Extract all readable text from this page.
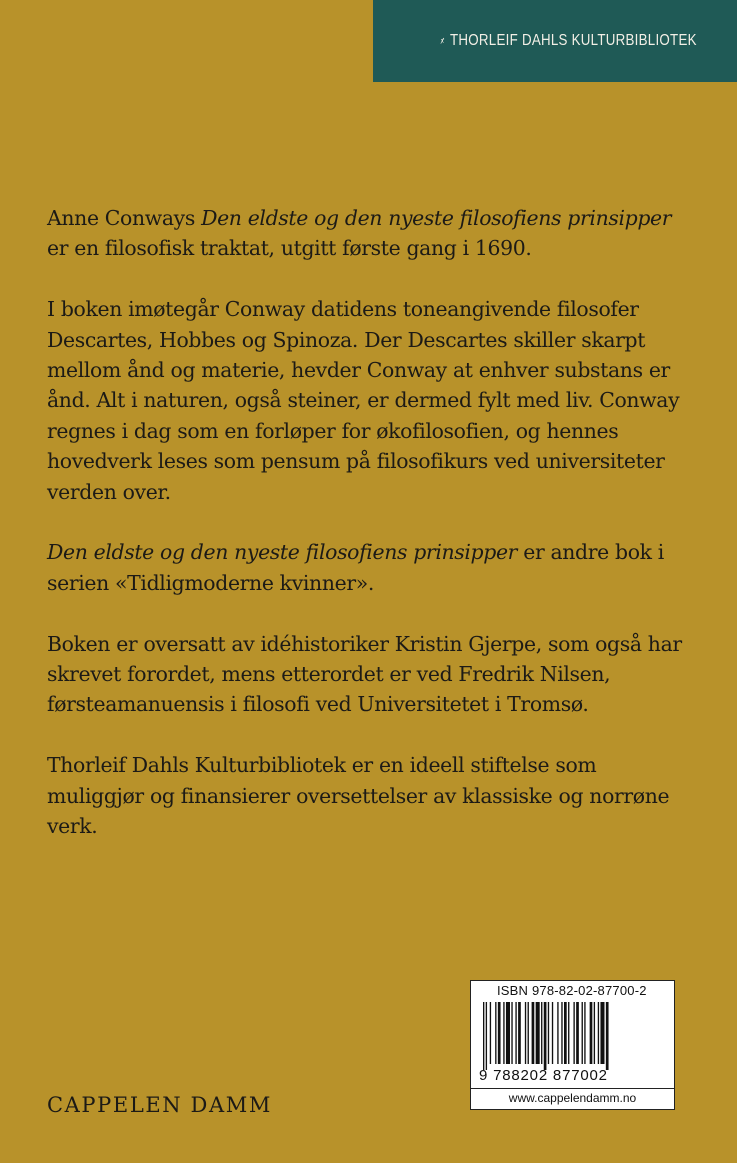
THORLEIF DAHLS KULTURBIBLIOTEK

Anne Conways Den eldste og den nyeste filosofiens prinsipper er en filosofisk traktat, utgitt første gang i 1690.

I boken imøtegår Conway datidens toneangivende filosofer Descartes, Hobbes og Spinoza. Der Descartes skiller skarpt mellom ånd og materie, hevder Conway at enhver substans er ånd. Alt i naturen, også steiner, er dermed fylt med liv. Conway regnes i dag som en forløper for økofilosofien, og hennes hovedverk leses som pensum på filosofikurs ved universiteter verden over.

Den eldste og den nyeste filosofiens prinsipper er andre bok i serien «Tidligmoderne kvinner».

Boken er oversatt av idéhistoriker Kristin Gjerpe, som også har skrevet forordet, mens etterordet er ved Fredrik Nilsen, førsteamanuensis i filosofi ved Universitetet i Tromsø.

Thorleif Dahls Kulturbibliotek er en ideell stiftelse som muliggjør og finansierer oversettelser av klassiske og norrøne verk.

CAPPELEN DAMM
ISBN 978-82-02-87700-2
9 788202 877002
www.cappelendamm.no
